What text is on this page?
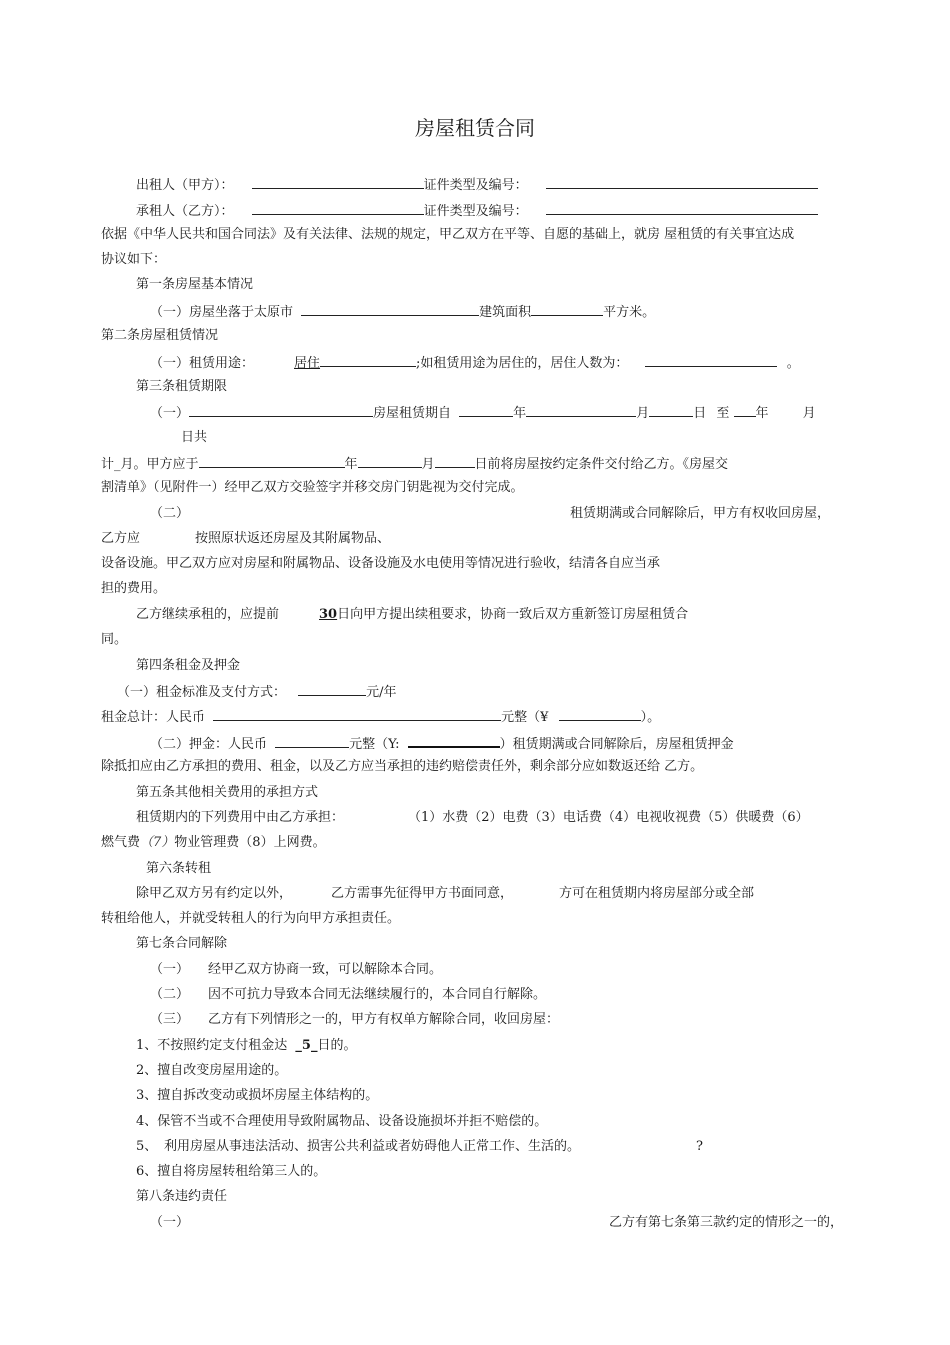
房屋租赁合同
出租人（甲方）：	证件类型及编号：
承租人（乙方）：	证件类型及编号：
依据《中华人民共和国合同法》及有关法律、法规的规定，甲乙双方在平等、自愿的基础上，就房 屋租赁的有关事宜达成
协议如下：
第一条房屋基本情况
（一）房屋坐落于太原市	建筑面积	平方米。
第二条房屋租赁情况
（一）租赁用途：	居住	;如租赁用途为居住的，居住人数为：	。
第三条租赁期限
（一）	房屋租赁期自	年	月	日 至 年	月
日共
计_月。甲方应于	年	月	日前将房屋按约定条件交付给乙方。《房屋交
割清单》（见附件一）经甲乙双方交验签字并移交房门钥匙视为交付完成。
（二）	租赁期满或合同解除后，甲方有权收回房屋，
乙方应	按照原状返还房屋及其附属物品、
设备设施。甲乙双方应对房屋和附属物品、设备设施及水电使用等情况进行验收，结清各自应当承
担的费用。
乙方继续承租的，应提前	30日向甲方提出续租要求，协商一致后双方重新签订房屋租赁合
同。
第四条租金及押金
（一）租金标准及支付方式：	元/年
租金总计：人民币	元整（¥	）。
（二）押金：人民币	元整（Y:	）租赁期满或合同解除后，房屋租赁押金
除抵扣应由乙方承担的费用、租金，以及乙方应当承担的违约赔偿责任外，剩余部分应如数返还给 乙方。
第五条其他相关费用的承担方式
租赁期内的下列费用中由乙方承担：	（1）水费（2）电费（3）电话费（4）电视收视费（5）供暖费（6）
燃气费（7）物业管理费（8）上网费。
第六条转租
除甲乙双方另有约定以外，	乙方需事先征得甲方书面同意，	方可在租赁期内将房屋部分或全部
转租给他人，并就受转租人的行为向甲方承担责任。
第七条合同解除
（一） 经甲乙双方协商一致，可以解除本合同。
（二） 因不可抗力导致本合同无法继续履行的，本合同自行解除。
（三） 乙方有下列情形之一的，甲方有权单方解除合同，收回房屋：
1、不按照约定支付租金达 _5_日的。
2、擅自改变房屋用途的。
3、擅自拆改变动或损坏房屋主体结构的。
4、保管不当或不合理使用导致附属物品、设备设施损坏并拒不赔偿的。
5、 利用房屋从事违法活动、损害公共利益或者妨碍他人正常工作、生活的。	?
6、擅自将房屋转租给第三人的。
第八条违约责任
（一）	乙方有第七条第三款约定的情形之一的，
